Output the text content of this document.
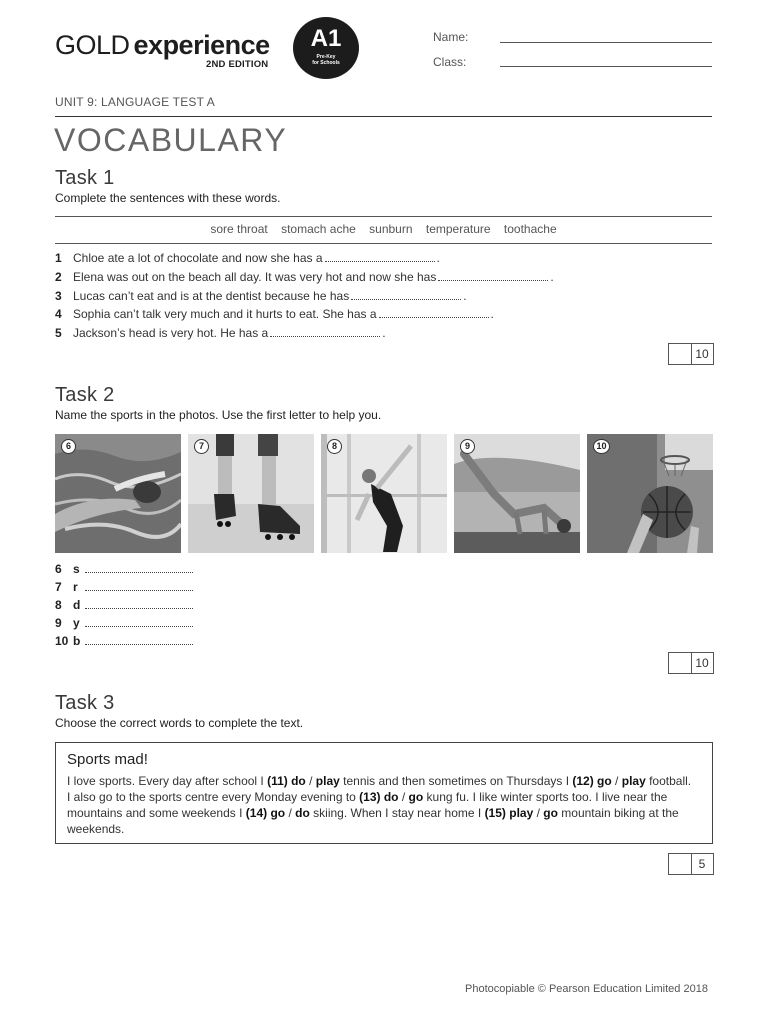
GOLD experience
2ND EDITION
A1
Pre-Key
for Schools
Name:
Class:
UNIT 9: LANGUAGE TEST A
VOCABULARY
Task 1
Complete the sentences with these words.
sore throat stomach ache sunburn temperature toothache
1 Chloe ate a lot of chocolate and now she has a	.
2 Elena was out on the beach all day. It was very hot and now she has	.
3 Lucas can’t eat and is at the dentist because he has	.
4 Sophia can’t talk very much and it hurts to eat. She has a	.
5 Jackson’s head is very hot. He has a	.
10
Task 2
Name the sports in the photos. Use the first letter to help you.
6	7	8	9	10
6 s
7 r
8 d
9 y
10 b
10
Task 3
Choose the correct words to complete the text.
Sports mad!
I love sports. Every day after school I (11) do / play tennis and then sometimes on Thursdays I (12) go / play football. I also go to the sports centre every Monday evening to (13) do / go kung fu. I like winter sports too. I live near the mountains and some weekends I (14) go / do skiing. When I stay near home I (15) play / go mountain biking at the weekends.
5
Photocopiable © Pearson Education Limited 2018
